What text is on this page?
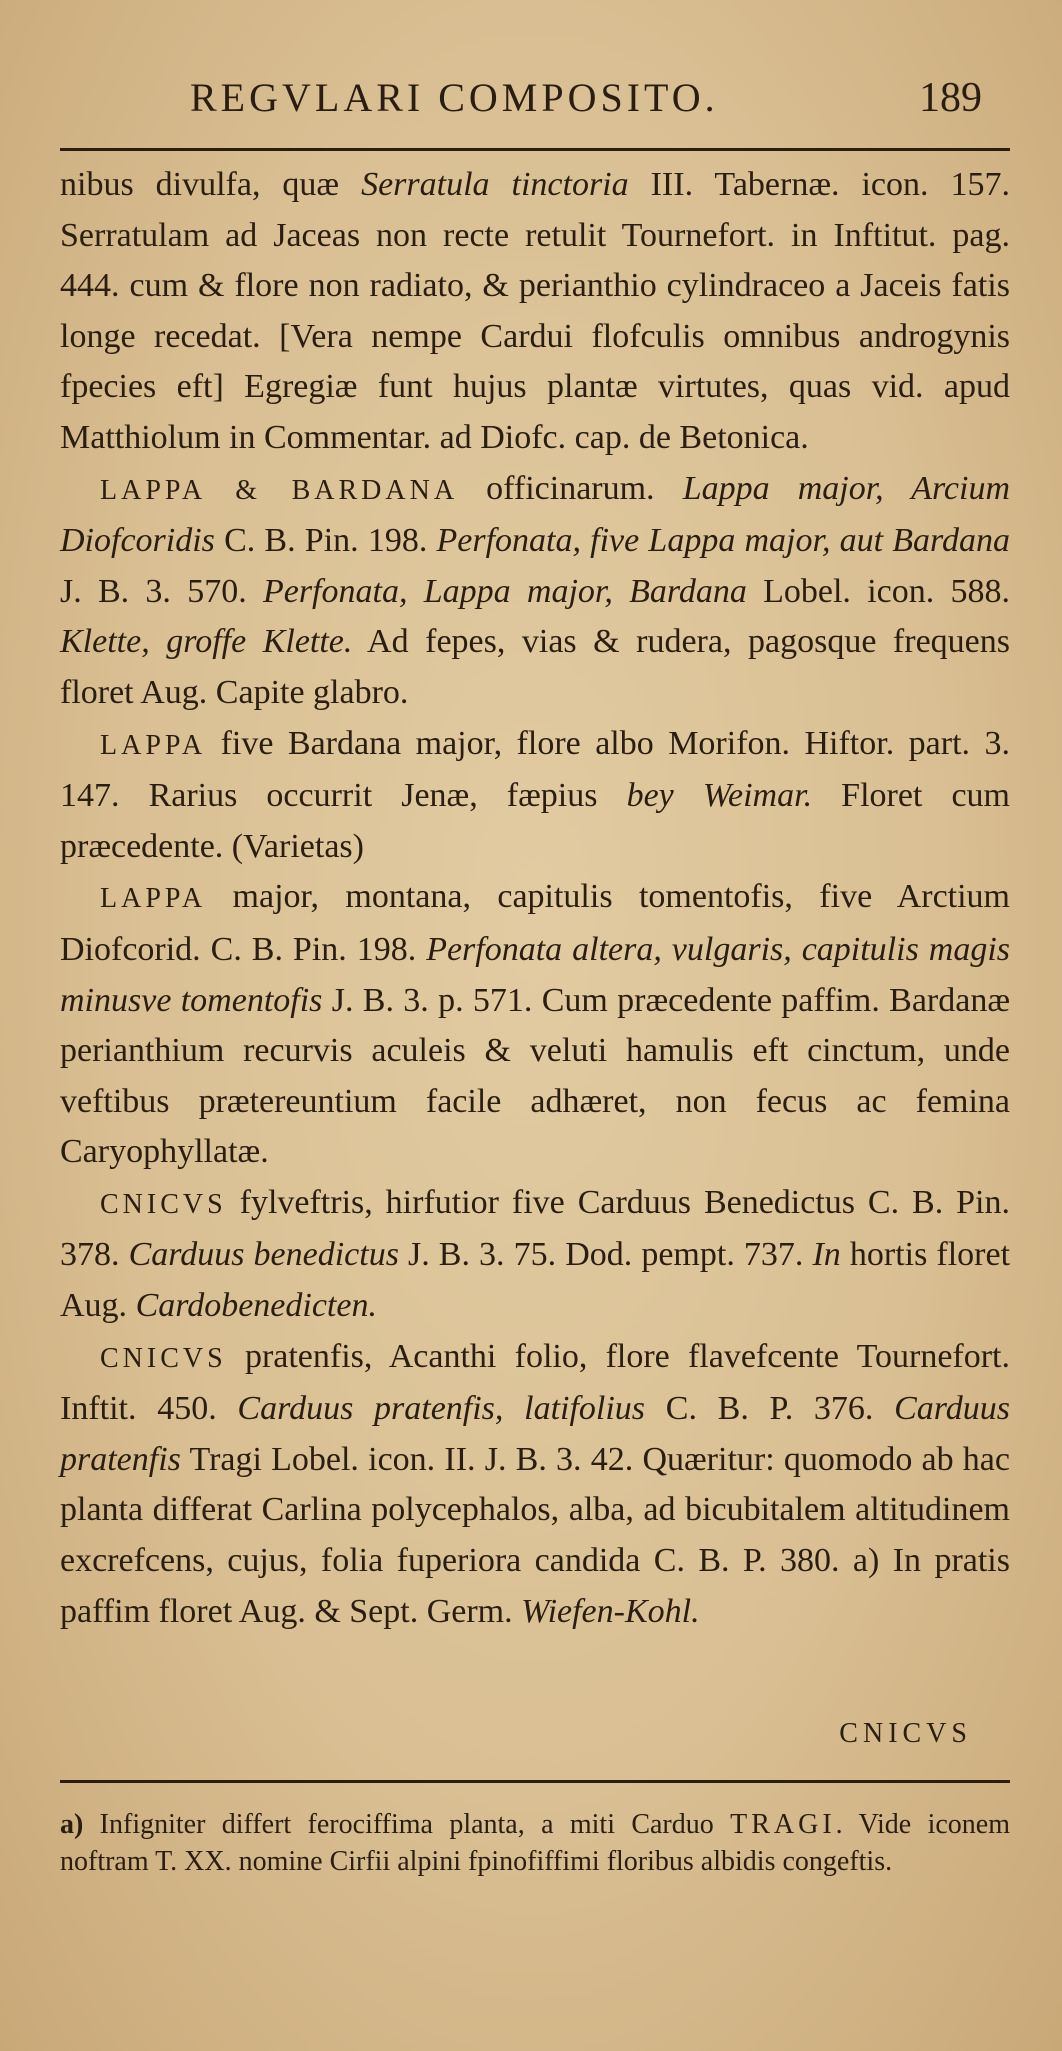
REGVLARI COMPOSITO.	189

nibus divulfa, quæ Serratula tinctoria III. Tabernæ. icon. 157. Serratulam ad Jaceas non recte retulit Tournefort. in Inftitut. pag. 444. cum & flore non radiato, & perianthio cylindraceo a Jaceis fatis longe recedat. [Vera nempe Cardui flofculis omnibus androgynis fpecies eft] Egregiæ funt hujus plantæ virtutes, quas vid. apud Matthiolum in Commentar. ad Diofc. cap. de Betonica.

LAPPA & BARDANA officinarum. Lappa major, Arcium Diofcoridis C. B. Pin. 198. Perfonata, five Lappa major, aut Bardana J. B. 3. 570. Perfonata, Lappa major, Bardana Lobel. icon. 588. Klette, groffe Klette. Ad fepes, vias & rudera, pagosque frequens floret Aug. Capite glabro.

LAPPA five Bardana major, flore albo Morifon. Hiftor. part. 3. 147. Rarius occurrit Jenæ, fæpius bey Weimar. Floret cum præcedente. (Varietas)

LAPPA major, montana, capitulis tomentofis, five Arctium Diofcorid. C. B. Pin. 198. Perfonata altera, vulgaris, capitulis magis minusve tomentofis J. B. 3. p. 571. Cum præcedente paffim. Bardanæ perianthium recurvis aculeis & veluti hamulis eft cinctum, unde veftibus prætereuntium facile adhæret, non fecus ac femina Caryophyllatæ.

CNICVS fylveftris, hirfutior five Carduus Benedictus C. B. Pin. 378. Carduus benedictus J. B. 3. 75. Dod. pempt. 737. In hortis floret Aug. Cardobenedicten.

CNICVS pratenfis, Acanthi folio, flore flavefcente Tournefort. Inftit. 450. Carduus pratenfis, latifolius C. B. P. 376. Carduus pratenfis Tragi Lobel. icon. II. J. B. 3. 42. Quæritur: quomodo ab hac planta differat Carlina polycephalos, alba, ad bicubitalem altitudinem excrefcens, cujus, folia fuperiora candida C. B. P. 380. a) In pratis paffim floret Aug. & Sept. Germ. Wiefen-Kohl.

CNICVS
a) Infigniter differt ferociffima planta, a miti Carduo TRAGI. Vide iconem noftram T. XX. nomine Cirfii alpini fpinofiffimi floribus albidis congeftis.
